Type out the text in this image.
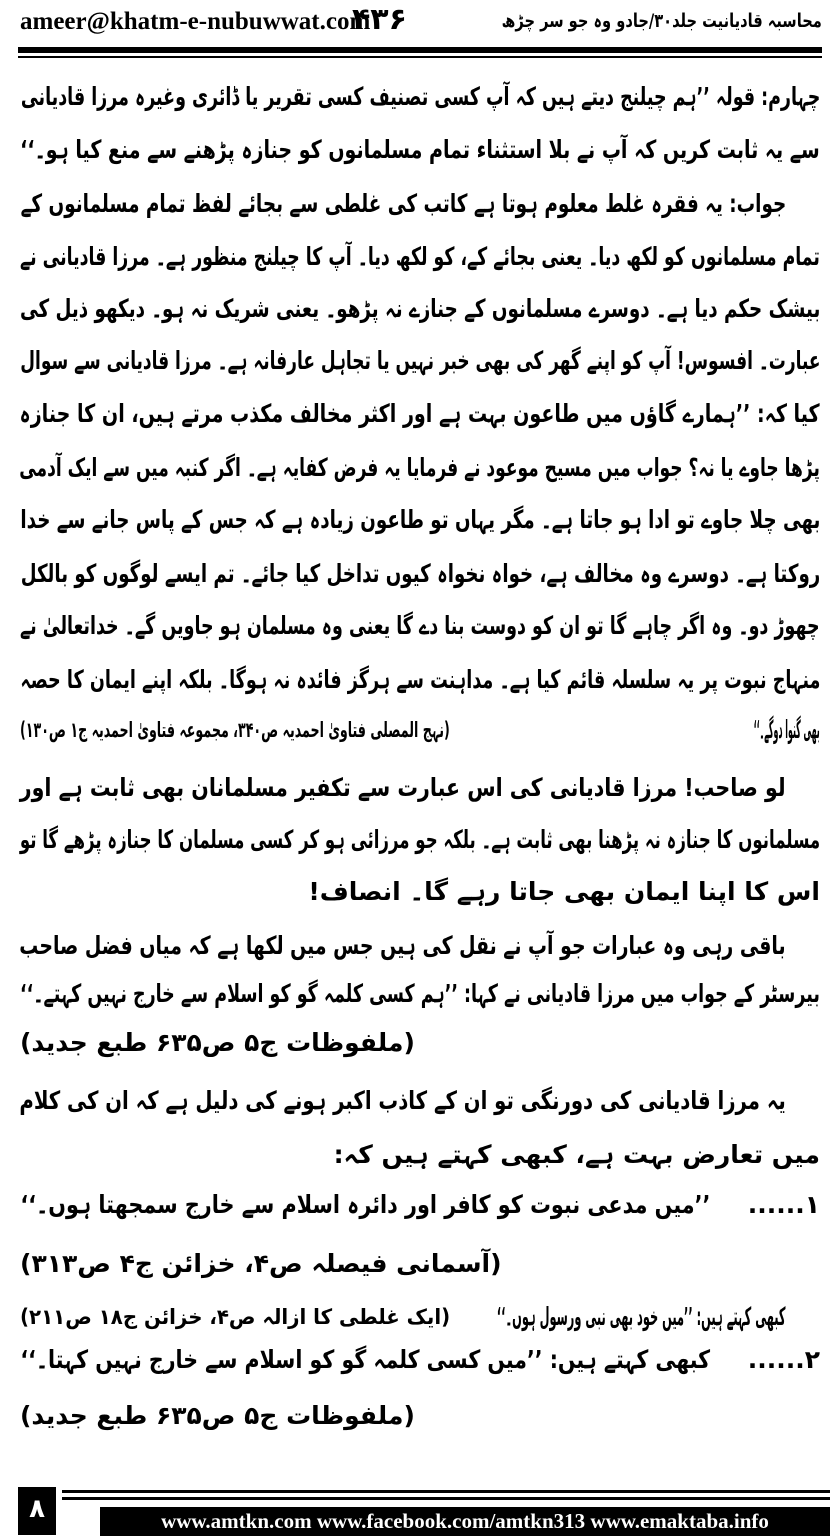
ameer@khatm-e-nubuwwat.com
۴۳۶	محاسبہ قادیانیت جلد۳۰/جادو وہ جو سر چڑھ
چہارم: قولہ ’’ہم چیلنج دیتے ہیں کہ آپ کسی تصنیف کسی تقریر یا ڈائری وغیرہ مرزا قادیانی
سے یہ ثابت کریں کہ آپ نے بلا استثناء تمام مسلمانوں کو جنازہ پڑھنے سے منع کیا ہو۔‘‘
جواب: یہ فقرہ غلط معلوم ہوتا ہے کاتب کی غلطی سے بجائے لفظ تمام مسلمانوں کے
تمام مسلمانوں کو لکھ دیا۔ یعنی بجائے کے، کو لکھ دیا۔ آپ کا چیلنج منظور ہے۔ مرزا قادیانی نے
بیشک حکم دیا ہے۔ دوسرے مسلمانوں کے جنازے نہ پڑھو۔ یعنی شریک نہ ہو۔ دیکھو ذیل کی
عبارت۔ افسوس! آپ کو اپنے گھر کی بھی خبر نہیں یا تجاہل عارفانہ ہے۔ مرزا قادیانی سے سوال
کیا کہ: ’’ہمارے گاؤں میں طاعون بہت ہے اور اکثر مخالف مکذب مرتے ہیں، ان کا جنازہ
پڑھا جاوے یا نہ؟ جواب میں مسیح موعود نے فرمایا یہ فرض کفایہ ہے۔ اگر کنبہ میں سے ایک آدمی
بھی چلا جاوے تو ادا ہو جاتا ہے۔ مگر یہاں تو طاعون زیادہ ہے کہ جس کے پاس جانے سے خدا
روکتا ہے۔ دوسرے وہ مخالف ہے، خواہ نخواہ کیوں تداخل کیا جائے۔ تم ایسے لوگوں کو بالکل
چھوڑ دو۔ وہ اگر چاہے گا تو ان کو دوست بنا دے گا یعنی وہ مسلمان ہو جاویں گے۔ خداتعالیٰ نے
منہاج نبوت پر یہ سلسلہ قائم کیا ہے۔ مداہنت سے ہرگز فائدہ نہ ہوگا۔ بلکہ اپنے ایمان کا حصہ
بھی گنوا دوگے۔‘‘
(نہج المصلی فتاویٰ احمدیہ ص۳۴۰، مجموعہ فتاویٰ احمدیہ ج۱ ص۱۳۰)
لو صاحب! مرزا قادیانی کی اس عبارت سے تکفیر مسلمانان بھی ثابت ہے اور
مسلمانوں کا جنازہ نہ پڑھنا بھی ثابت ہے۔ بلکہ جو مرزائی ہو کر کسی مسلمان کا جنازہ پڑھے گا تو
اس کا اپنا ایمان بھی جاتا رہے گا۔ انصاف!
باقی رہی وہ عبارات جو آپ نے نقل کی ہیں جس میں لکھا ہے کہ میاں فضل صاحب
بیرسٹر کے جواب میں مرزا قادیانی نے کہا: ’’ہم کسی کلمہ گو کو اسلام سے خارج نہیں کہتے۔‘‘
(ملفوظات ج۵ ص۶۳۵ طبع جدید)
یہ مرزا قادیانی کی دورنگی تو ان کے کاذب اکبر ہونے کی دلیل ہے کہ ان کی کلام
میں تعارض بہت ہے، کبھی کہتے ہیں کہ:
’’میں مدعی نبوت کو کافر اور دائرہ اسلام سے خارج سمجھتا ہوں۔‘‘ ۱......
(آسمانی فیصلہ ص۴، خزائن ج۴ ص۳۱۳)
کبھی کہتے ہیں: ’’میں خود بھی نبی ورسول ہوں۔‘‘
(ایک غلطی کا ازالہ ص۴، خزائن ج۱۸ ص۲۱۱)
کبھی کہتے ہیں: ’’میں کسی کلمہ گو کو اسلام سے خارج نہیں کہتا۔‘‘ ۲......
(ملفوظات ج۵ ص۶۳۵ طبع جدید)
۸	www.amtkn.com www.facebook.com/amtkn313 www.emaktaba.info
